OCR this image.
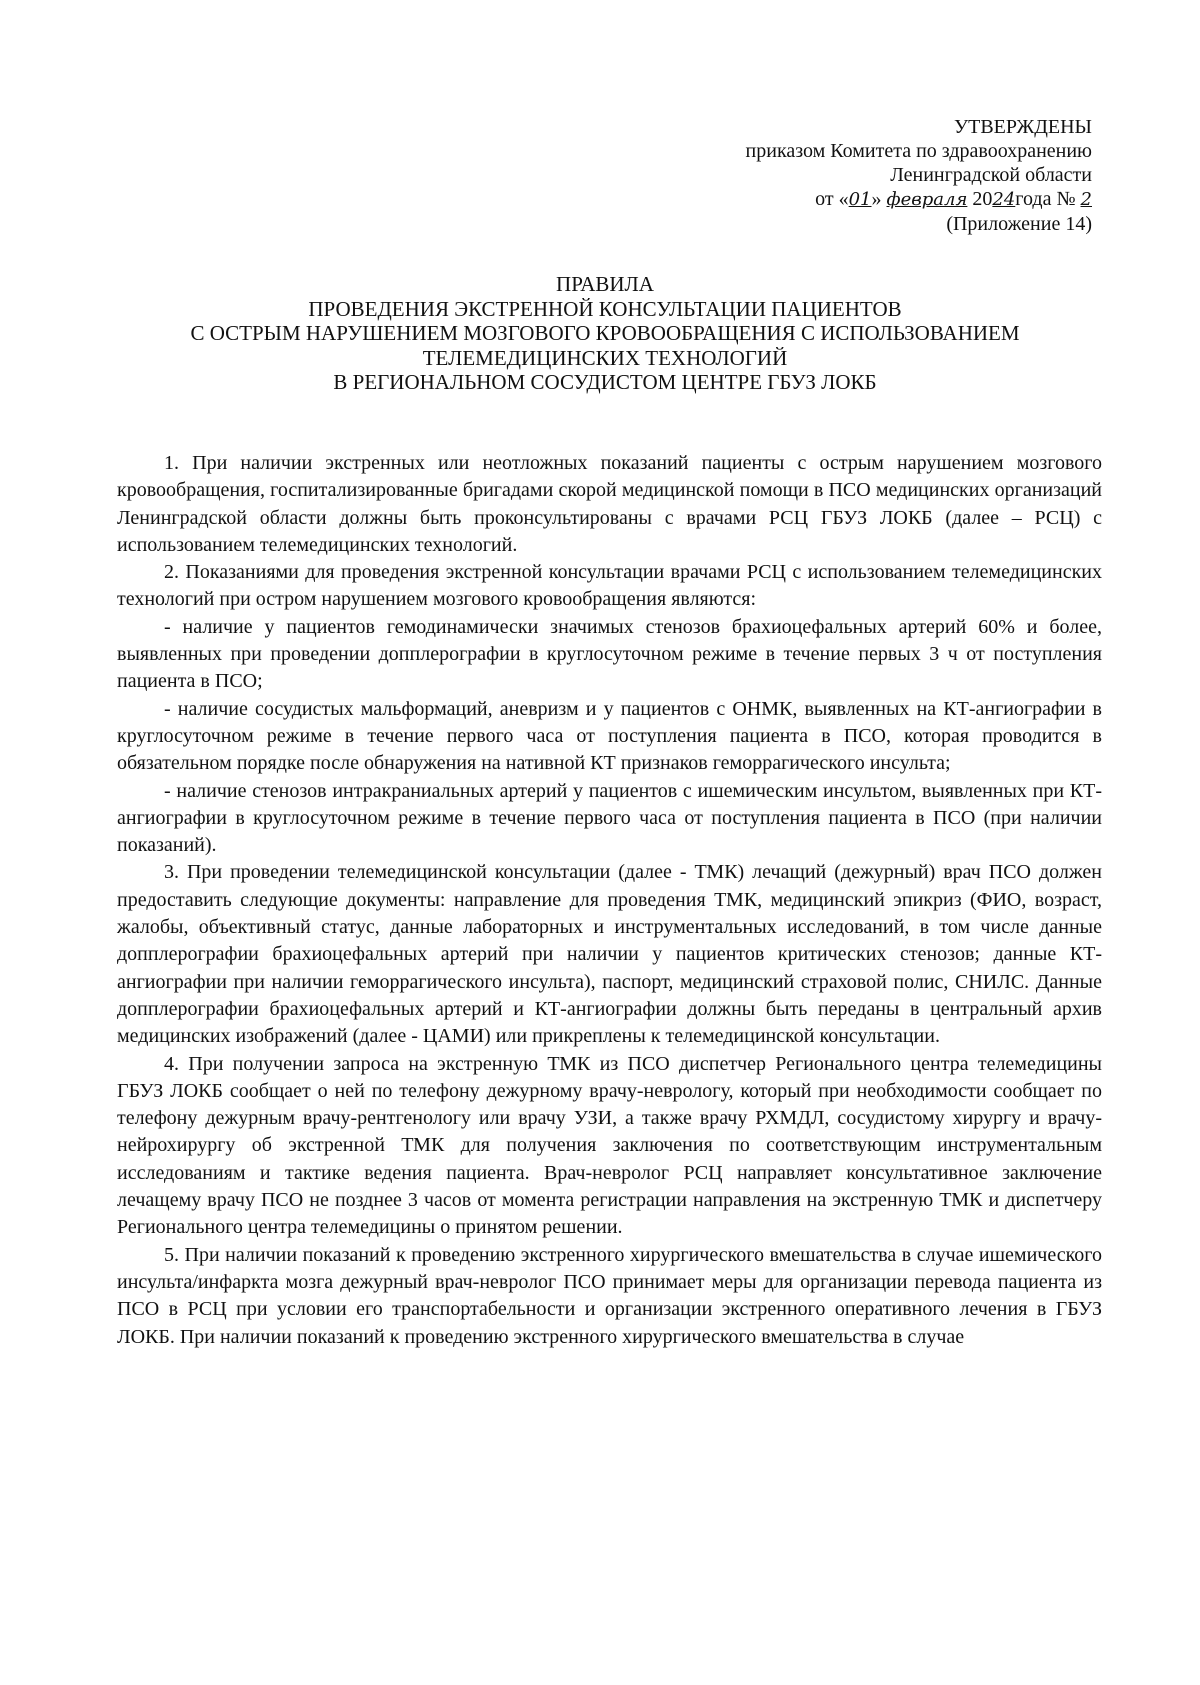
УТВЕРЖДЕНЫ
приказом Комитета по здравоохранению
Ленинградской области
от «01» февраля 2024года № 2
(Приложение 14)
ПРАВИЛА
ПРОВЕДЕНИЯ ЭКСТРЕННОЙ КОНСУЛЬТАЦИИ ПАЦИЕНТОВ
С ОСТРЫМ НАРУШЕНИЕМ МОЗГОВОГО КРОВООБРАЩЕНИЯ С ИСПОЛЬЗОВАНИЕМ
ТЕЛЕМЕДИЦИНСКИХ ТЕХНОЛОГИЙ
В РЕГИОНАЛЬНОМ СОСУДИСТОМ ЦЕНТРЕ ГБУЗ ЛОКБ

1. При наличии экстренных или неотложных показаний пациенты с острым нарушением мозгового кровообращения, госпитализированные бригадами скорой медицинской помощи в ПСО медицинских организаций Ленинградской области должны быть проконсультированы с врачами РСЦ ГБУЗ ЛОКБ (далее – РСЦ) с использованием телемедицинских технологий.

2. Показаниями для проведения экстренной консультации врачами РСЦ с использованием телемедицинских технологий при остром нарушением мозгового кровообращения являются:

- наличие у пациентов гемодинамически значимых стенозов брахиоцефальных артерий 60% и более, выявленных при проведении допплерографии в круглосуточном режиме в течение первых 3 ч от поступления пациента в ПСО;

- наличие сосудистых мальформаций, аневризм и у пациентов с ОНМК, выявленных на КТ-ангиографии в круглосуточном режиме в течение первого часа от поступления пациента в ПСО, которая проводится в обязательном порядке после обнаружения на нативной КТ признаков геморрагического инсульта;

- наличие стенозов интракраниальных артерий у пациентов с ишемическим инсультом, выявленных при КТ-ангиографии в круглосуточном режиме в течение первого часа от поступления пациента в ПСО (при наличии показаний).

3. При проведении телемедицинской консультации (далее - ТМК) лечащий (дежурный) врач ПСО должен предоставить следующие документы: направление для проведения ТМК, медицинский эпикриз (ФИО, возраст, жалобы, объективный статус, данные лабораторных и инструментальных исследований, в том числе данные допплерографии брахиоцефальных артерий при наличии у пациентов критических стенозов; данные КТ-ангиографии при наличии геморрагического инсульта), паспорт, медицинский страховой полис, СНИЛС. Данные допплерографии брахиоцефальных артерий и КТ-ангиографии должны быть переданы в центральный архив медицинских изображений (далее - ЦАМИ) или прикреплены к телемедицинской консультации.

4. При получении запроса на экстренную ТМК из ПСО диспетчер Регионального центра телемедицины ГБУЗ ЛОКБ сообщает о ней по телефону дежурному врачу-неврологу, который при необходимости сообщает по телефону дежурным врачу-рентгенологу или врачу УЗИ, а также врачу РХМДЛ, сосудистому хирургу и врачу-нейрохирургу об экстренной ТМК для получения заключения по соответствующим инструментальным исследованиям и тактике ведения пациента. Врач-невролог РСЦ направляет консультативное заключение лечащему врачу ПСО не позднее 3 часов от момента регистрации направления на экстренную ТМК и диспетчеру Регионального центра телемедицины о принятом решении.

5. При наличии показаний к проведению экстренного хирургического вмешательства в случае ишемического инсульта/инфаркта мозга дежурный врач-невролог ПСО принимает меры для организации перевода пациента из ПСО в РСЦ при условии его транспортабельности и организации экстренного оперативного лечения в ГБУЗ ЛОКБ. При наличии показаний к проведению экстренного хирургического вмешательства в случае
